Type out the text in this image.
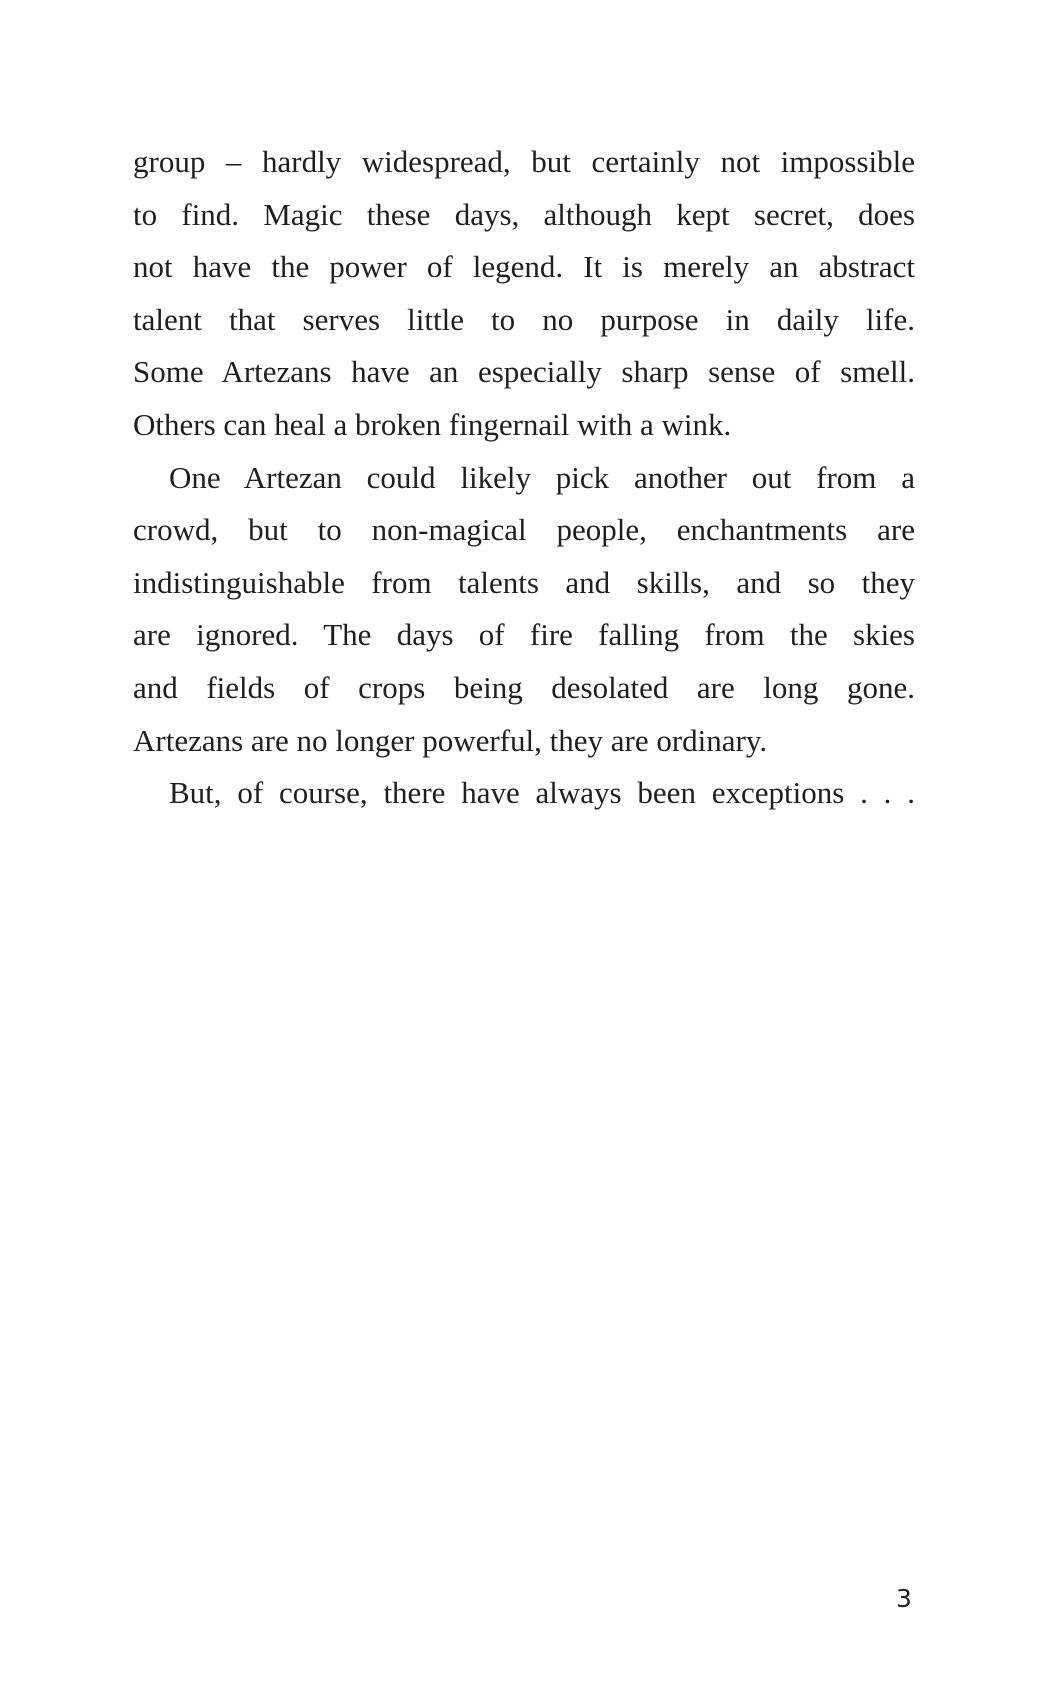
group – hardly widespread, but certainly not impossible
to find. Magic these days, although kept secret, does
not have the power of legend. It is merely an abstract
talent that serves little to no purpose in daily life.
Some Artezans have an especially sharp sense of smell.
Others can heal a broken fingernail with a wink.
One Artezan could likely pick another out from a
crowd, but to non-magical people, enchantments are
indistinguishable from talents and skills, and so they
are ignored. The days of fire falling from the skies
and fields of crops being desolated are long gone.
Artezans are no longer powerful, they are ordinary.
But, of course, there have always been exceptions . . .
3
